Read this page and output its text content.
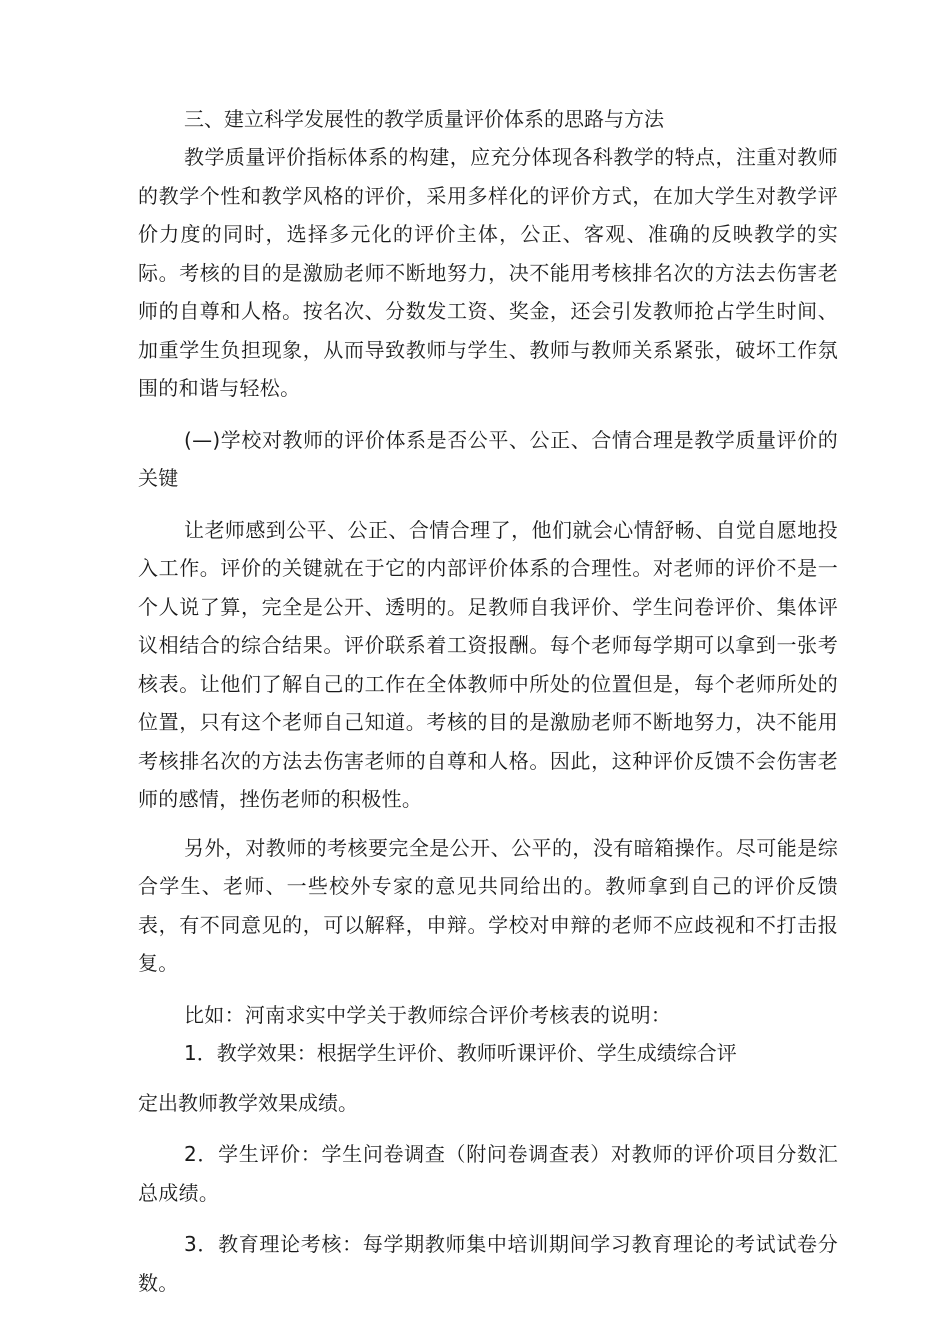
三、建立科学发展性的教学质量评价体系的思路与方法

教学质量评价指标体系的构建，应充分体现各科教学的特点，注重对教师的教学个性和教学风格的评价，采用多样化的评价方式，在加大学生对教学评价力度的同时，选择多元化的评价主体，公正、客观、准确的反映教学的实际。考核的目的是激励老师不断地努力，决不能用考核排名次的方法去伤害老师的自尊和人格。按名次、分数发工资、奖金，还会引发教师抢占学生时间、加重学生负担现象，从而导致教师与学生、教师与教师关系紧张，破坏工作氛围的和谐与轻松。

(—)学校对教师的评价体系是否公平、公正、合情合理是教学质量评价的关键

让老师感到公平、公正、合情合理了，他们就会心情舒畅、自觉自愿地投入工作。评价的关键就在于它的内部评价体系的合理性。对老师的评价不是一个人说了算，完全是公开、透明的。足教师自我评价、学生问卷评价、集体评议相结合的综合结果。评价联系着工资报酬。每个老师每学期可以拿到一张考核表。让他们了解自己的工作在全体教师中所处的位置但是，每个老师所处的位置，只有这个老师自己知道。考核的目的是激励老师不断地努力，决不能用考核排名次的方法去伤害老师的自尊和人格。因此，这种评价反馈不会伤害老师的感情，挫伤老师的积极性。

另外，对教师的考核要完全是公开、公平的，没有暗箱操作。尽可能是综合学生、老师、一些校外专家的意见共同给出的。教师拿到自己的评价反馈表，有不同意见的，可以解释，申辩。学校对申辩的老师不应歧视和不打击报复。

比如：河南求实中学关于教师综合评价考核表的说明：

1．教学效果：根据学生评价、教师听课评价、学生成绩综合评

定出教师教学效果成绩。

2．学生评价：学生问卷调查（附问卷调查表）对教师的评价项目分数汇总成绩。

3．教育理论考核：每学期教师集中培训期间学习教育理论的考试试卷分数。
